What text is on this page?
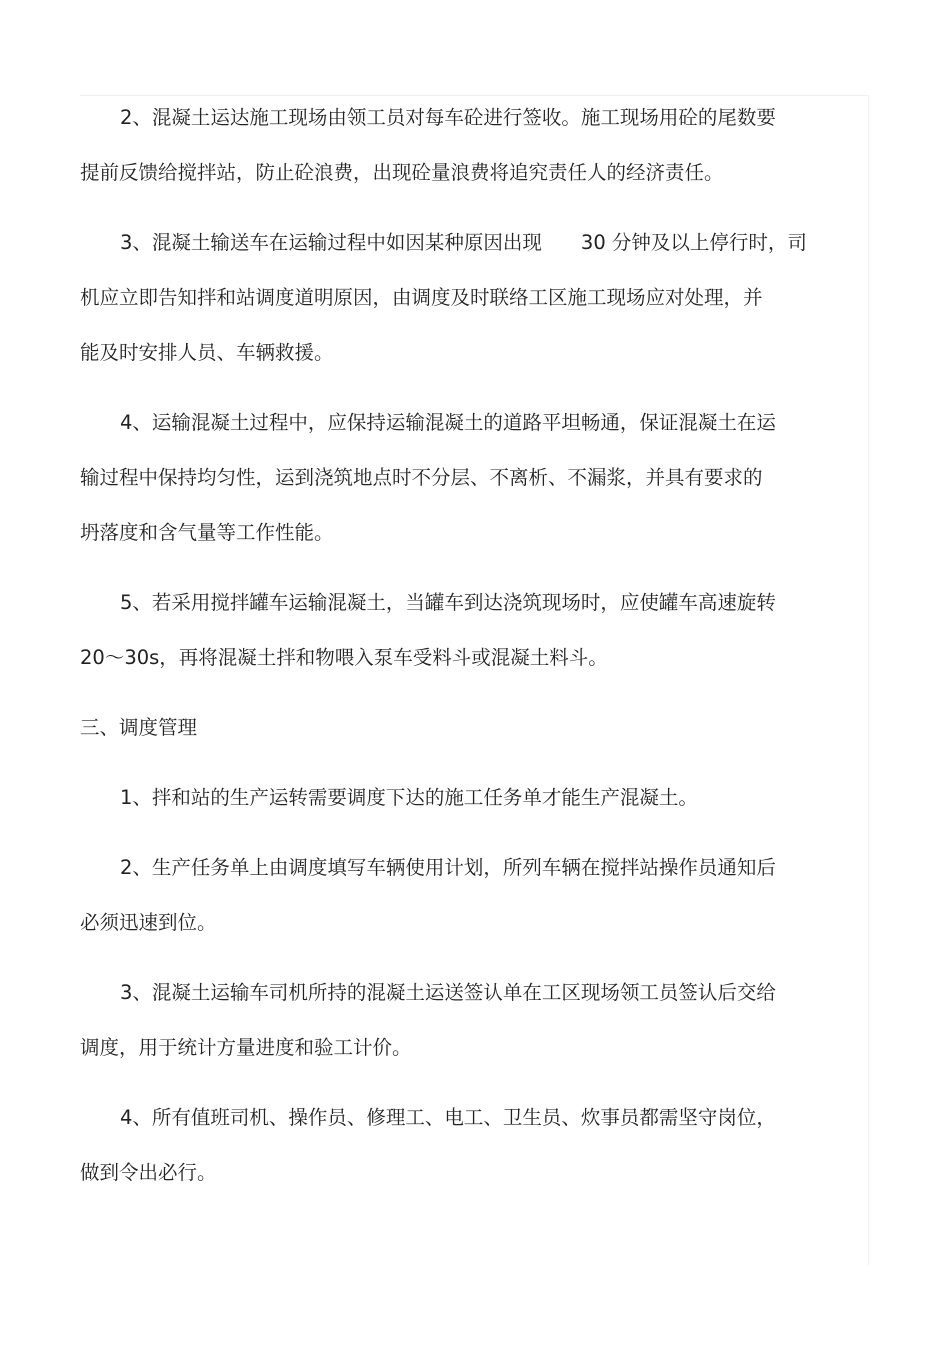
2、混凝土运达施工现场由领工员对每车砼进行签收。施工现场用砼的尾数要
提前反馈给搅拌站，防止砼浪费，出现砼量浪费将追究责任人的经济责任。
3、混凝土输送车在运输过程中如因某种原因出现　　30 分钟及以上停行时，司
机应立即告知拌和站调度道明原因，由调度及时联络工区施工现场应对处理，并
能及时安排人员、车辆救援。
4、运输混凝土过程中，应保持运输混凝土的道路平坦畅通，保证混凝土在运
输过程中保持均匀性，运到浇筑地点时不分层、不离析、不漏浆，并具有要求的
坍落度和含气量等工作性能。
5、若采用搅拌罐车运输混凝土，当罐车到达浇筑现场时，应使罐车高速旋转
20～30s，再将混凝土拌和物喂入泵车受料斗或混凝土料斗。
三、调度管理
1、拌和站的生产运转需要调度下达的施工任务单才能生产混凝土。
2、生产任务单上由调度填写车辆使用计划，所列车辆在搅拌站操作员通知后
必须迅速到位。
3、混凝土运输车司机所持的混凝土运送签认单在工区现场领工员签认后交给
调度，用于统计方量进度和验工计价。
4、所有值班司机、操作员、修理工、电工、卫生员、炊事员都需坚守岗位，
做到令出必行。
